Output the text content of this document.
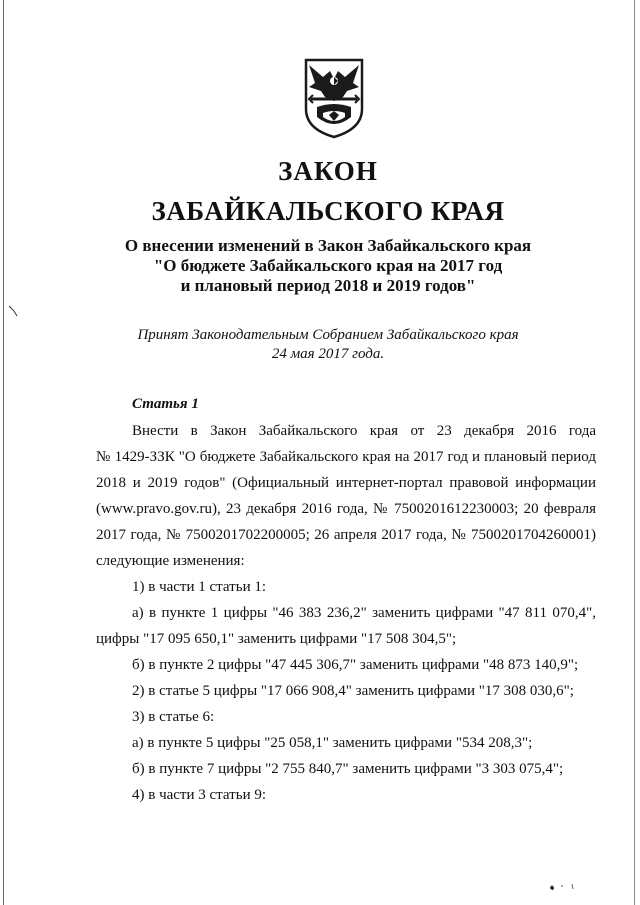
ЗАКОН
ЗАБАЙКАЛЬСКОГО КРАЯ
О внесении изменений в Закон Забайкальского края
"О бюджете Забайкальского края на 2017 год
и плановый период 2018 и 2019 годов"
Принят Законодательным Собранием Забайкальского края
24 мая 2017 года.
Статья 1
Внести в Закон Забайкальского края от 23 декабря 2016 года
№ 1429-ЗЗК "О бюджете Забайкальского края на 2017 год и плановый период
2018 и 2019 годов" (Официальный интернет-портал правовой информации
(www.pravo.gov.ru), 23 декабря 2016 года, № 7500201612230003; 20 февраля
2017 года, № 7500201702200005; 26 апреля 2017 года, № 7500201704260001)
следующие изменения:
1) в части 1 статьи 1:
а) в пункте 1 цифры "46 383 236,2" заменить цифрами "47 811 070,4",
цифры "17 095 650,1" заменить цифрами "17 508 304,5";
б) в пункте 2 цифры "47 445 306,7" заменить цифрами "48 873 140,9";
2) в статье 5 цифры "17 066 908,4" заменить цифрами "17 308 030,6";
3) в статье 6:
а) в пункте 5 цифры "25 058,1" заменить цифрами "534 208,3";
б) в пункте 7 цифры "2 755 840,7" заменить цифрами "3 303 075,4";
4) в части 3 статьи 9:
